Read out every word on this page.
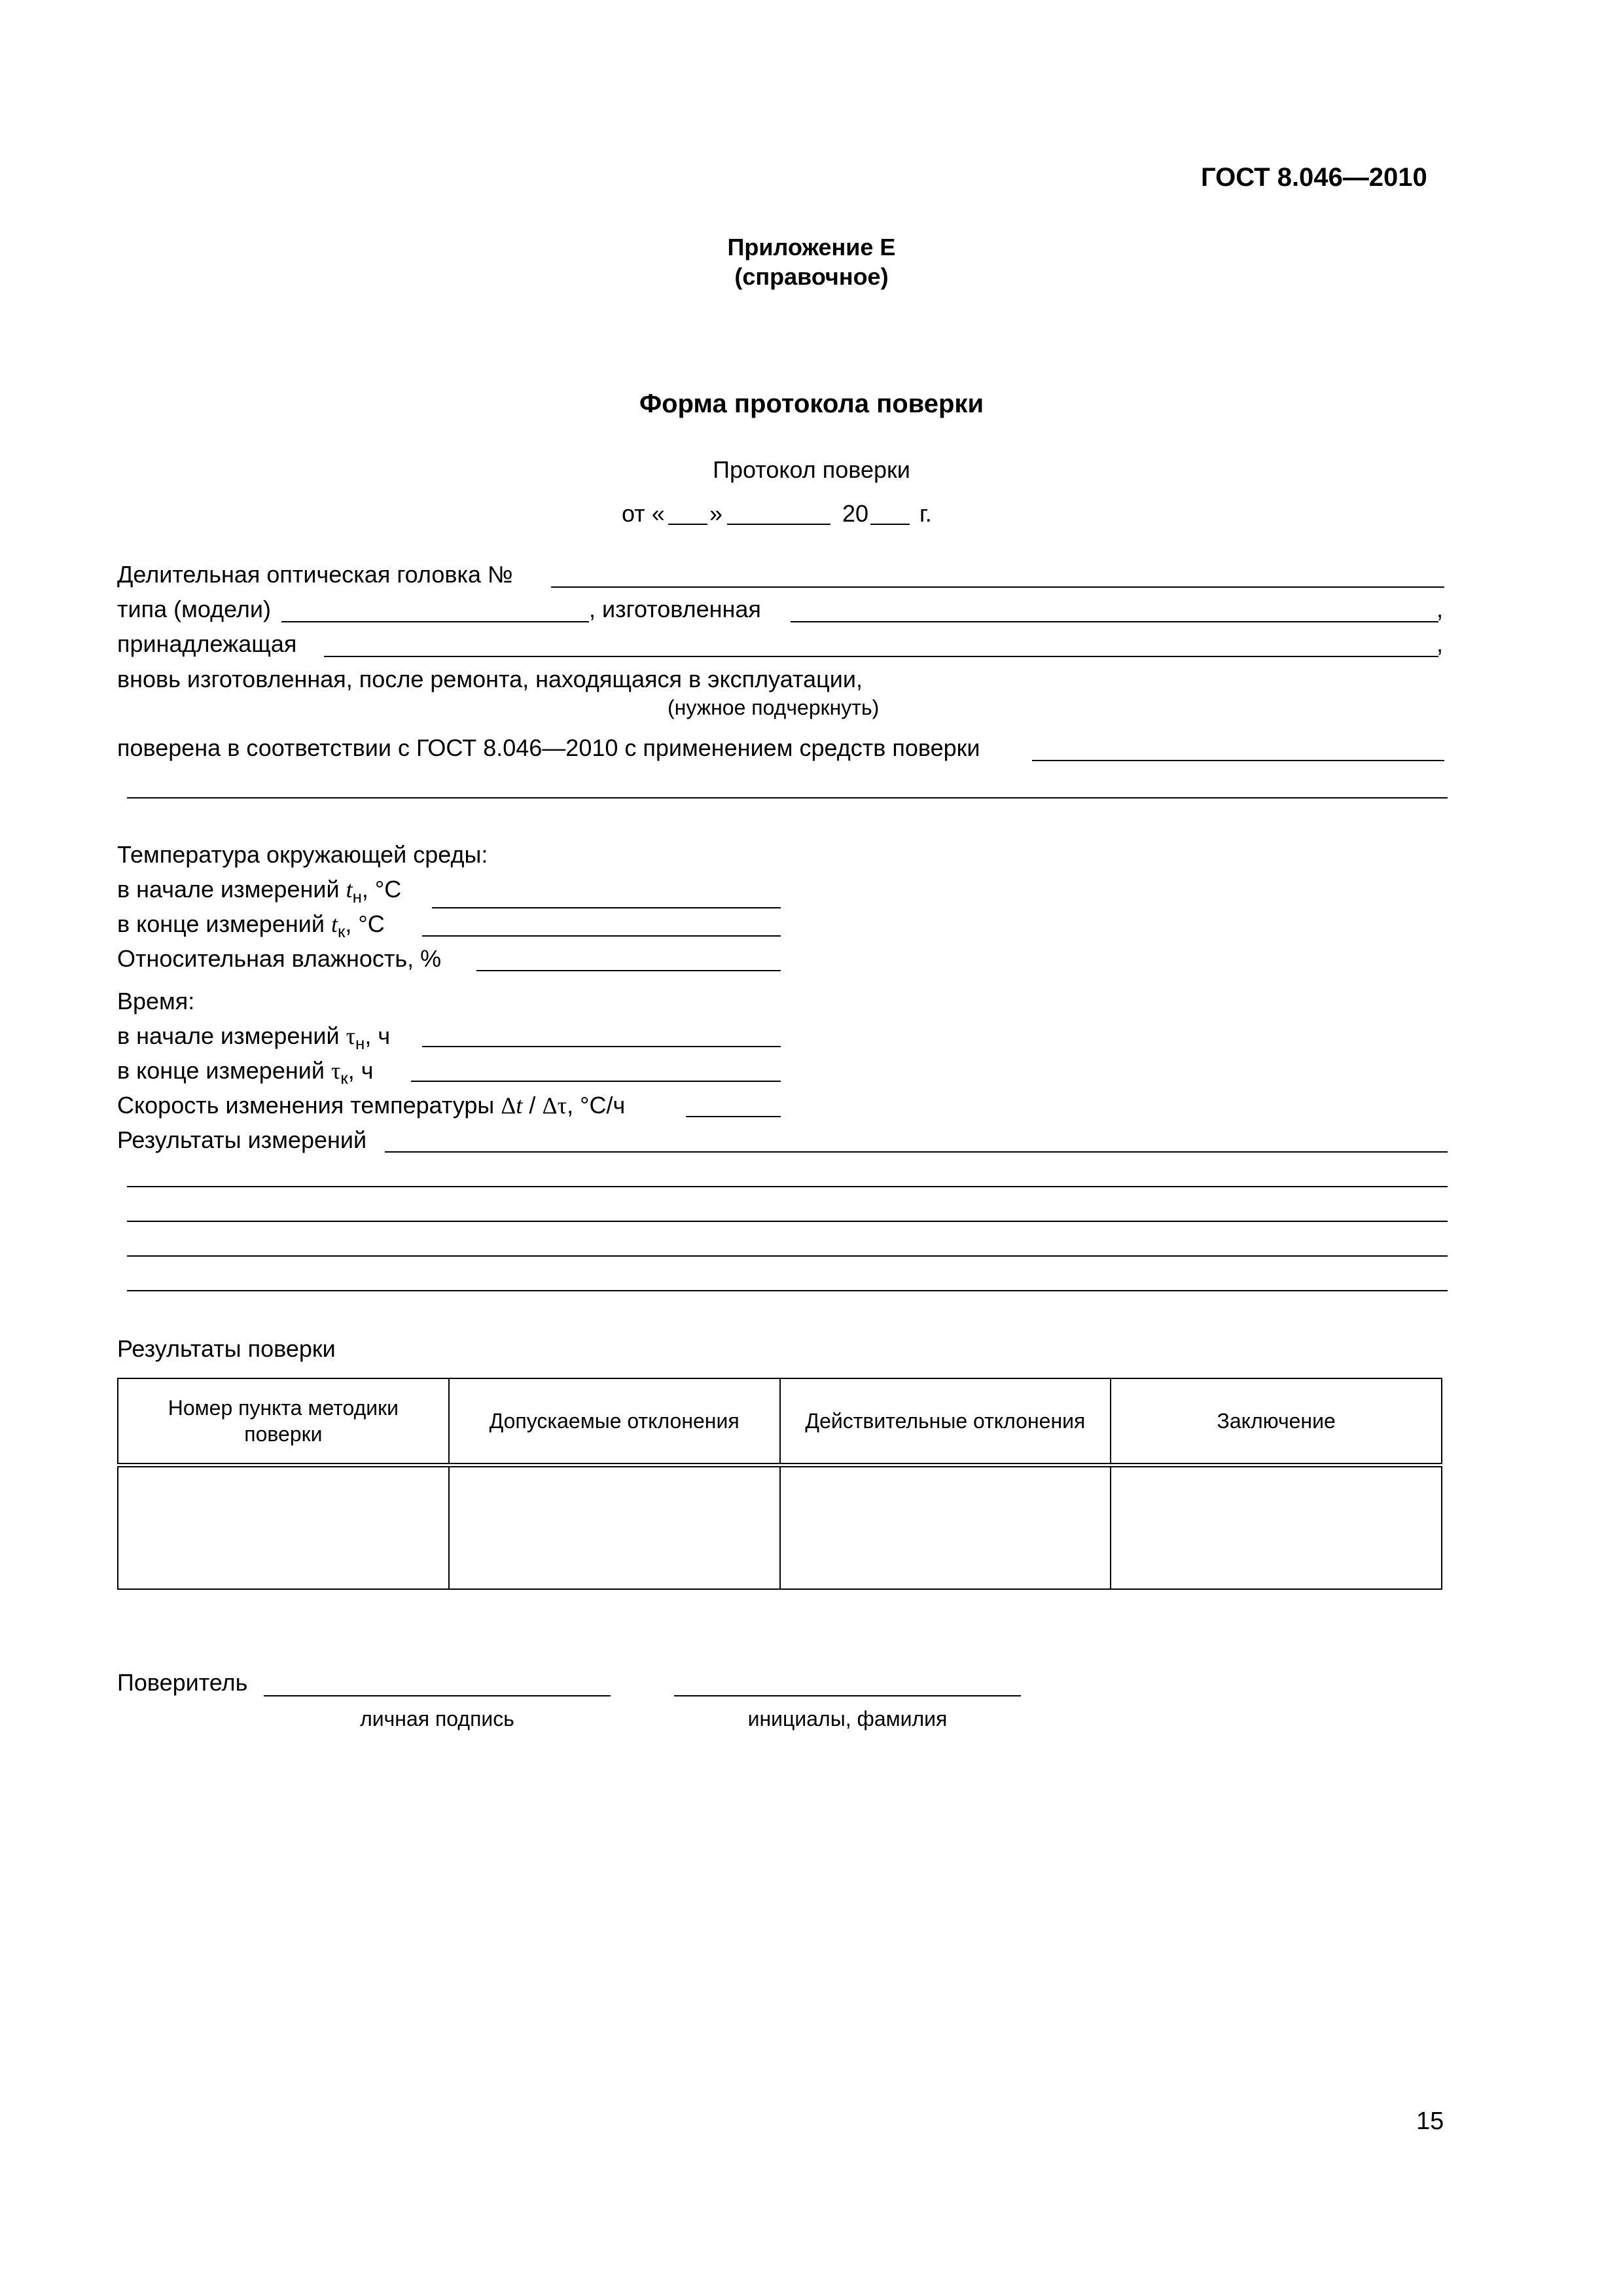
ГОСТ 8.046—2010
Приложение Е
(справочное)
Форма протокола поверки
Протокол поверки
от « »	20 г.
Делительная оптическая головка №
типа (модели)	, изготовленная	,
принадлежащая	,
вновь изготовленная, после ремонта, находящаяся в эксплуатации,
(нужное подчеркнуть)
поверена в соответствии с ГОСТ 8.046—2010 с применением средств поверки
Температура окружающей среды:
в начале измерений $t_н$, °С
в конце измерений $t_к$, °С
Относительная влажность, %
Время:
в начале измерений $\tau_н$, ч
в конце измерений $\tau_к$, ч
Скорость изменения температуры Δt / Δτ, °С/ч
Результаты измерений
Результаты поверки
Номер пункта методики поверки	Допускаемые отклонения	Действительные отклонения	Заключение

Поверитель
личная подпись	инициалы, фамилия
15
